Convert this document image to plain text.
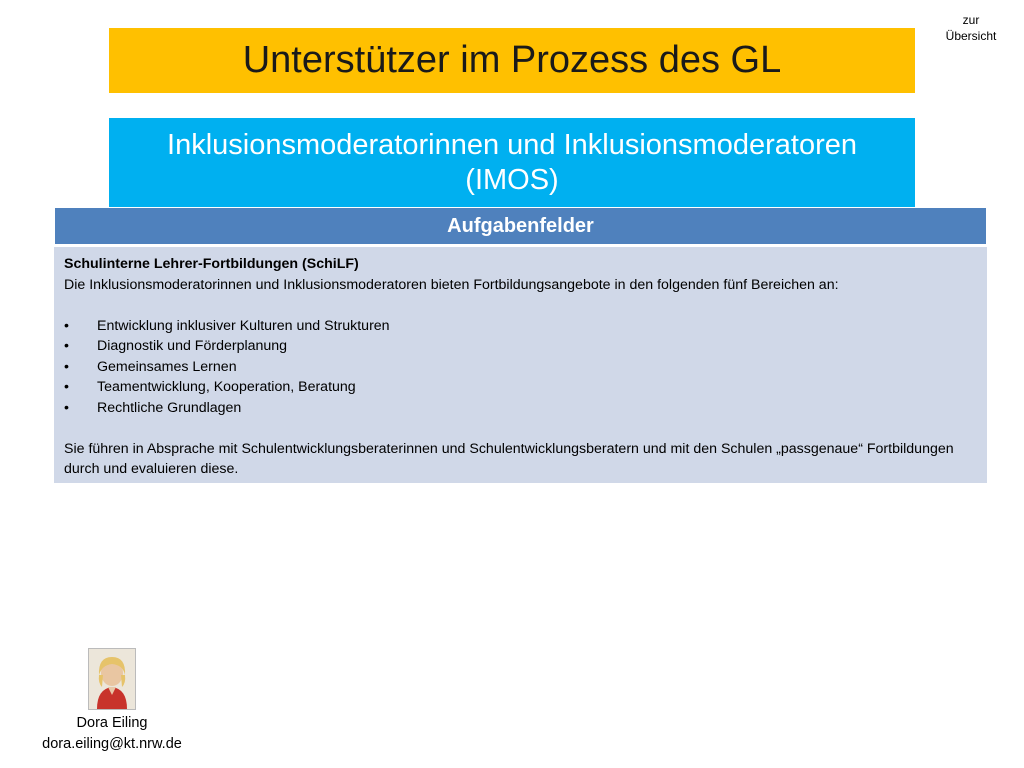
zur
Übersicht
Unterstützer im Prozess des GL
Inklusionsmoderatorinnen und Inklusionsmoderatoren (IMOS)
Aufgabenfelder

Schulinterne Lehrer-Fortbildungen (SchiLF)

Die Inklusionsmoderatorinnen und Inklusionsmoderatoren bieten Fortbildungsangebote in den folgenden fünf Bereichen an:

•	Entwicklung inklusiver Kulturen und Strukturen
•	Diagnostik und Förderplanung
•	Gemeinsames Lernen
•	Teamentwicklung, Kooperation, Beratung
•	Rechtliche Grundlagen

Sie führen in Absprache mit Schulentwicklungsberaterinnen und Schulentwicklungsberatern und mit den Schulen „passgenaue“ Fortbildungen durch und evaluieren diese.

Dora Eiling

dora.eiling@kt.nrw.de
